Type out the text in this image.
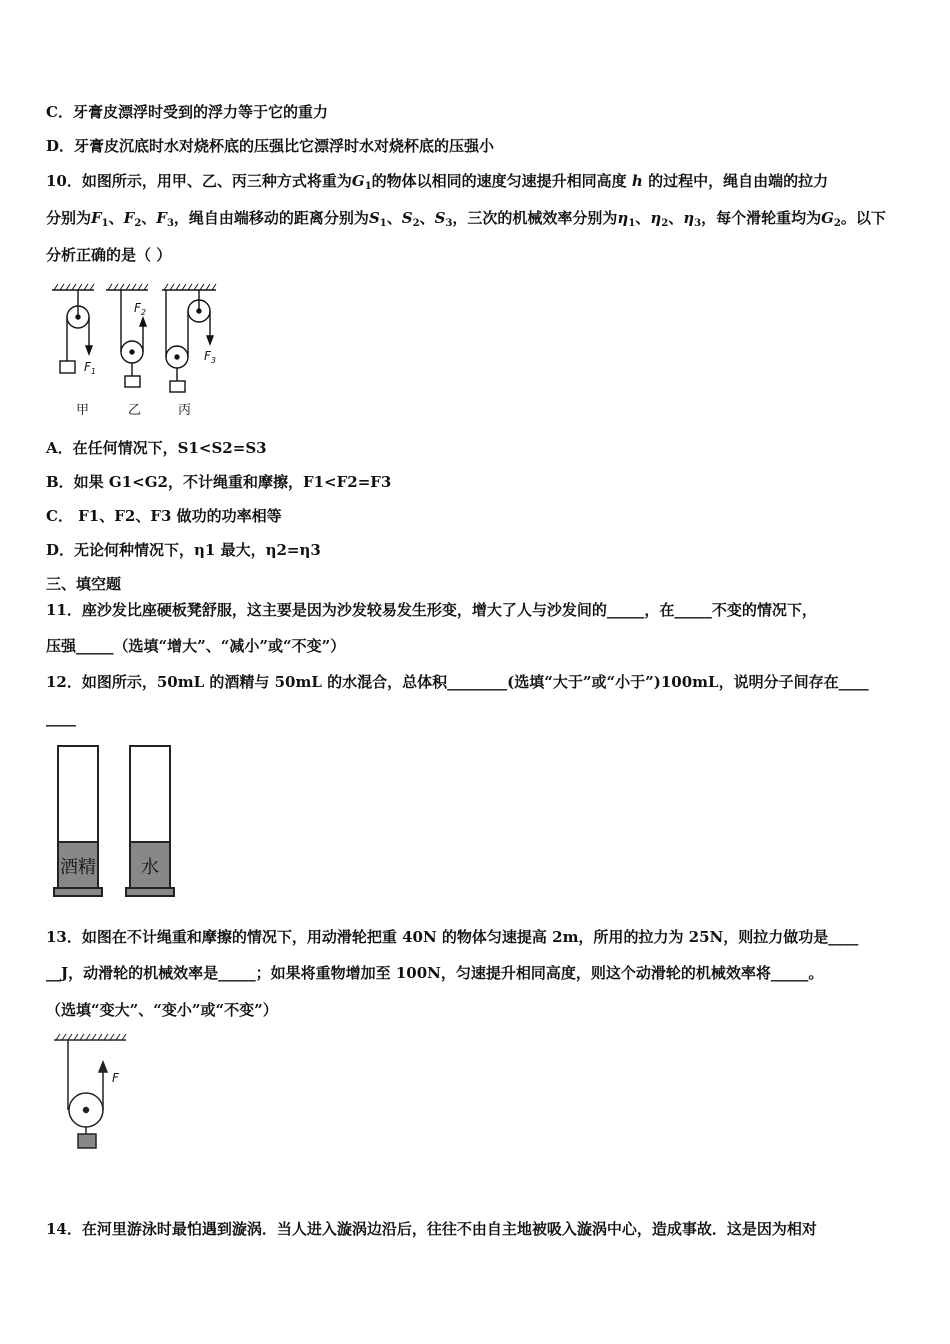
C．牙膏皮漂浮时受到的浮力等于它的重力
D．牙膏皮沉底时水对烧杯底的压强比它漂浮时水对烧杯底的压强小
10．如图所示，用甲、乙、丙三种方式将重为$G_1$的物体以相同的速度匀速提升相同高度 h 的过程中，绳自由端的拉力
分别为$F_1$、$F_2$、$F_3$，绳自由端移动的距离分别为$S_1$、$S_2$、$S_3$，三次的机械效率分别为$\eta_1$、$\eta_2$、$\eta_3$，每个滑轮重均为$G_2$。以下
分析正确的是（ ）
$F_1$
$F_2$
$F_3$
甲	乙	丙
A．在任何情况下，S1<S2=S3
B．如果 G1<G2，不计绳重和摩擦，F1<F2=F3
C． F1、F2、F3 做功的功率相等
D．无论何种情况下，η1 最大，η2=η3
三、填空题
11．座沙发比座硬板凳舒服，这主要是因为沙发较易发生形变，增大了人与沙发间的_____，在_____不变的情况下，
压强_____（选填“增大”、“减小”或“不变”）
12．如图所示，50mL 的酒精与 50mL 的水混合，总体积________(选填“大于”或“小于”)100mL，说明分子间存在____
____
酒精	水
13．如图在不计绳重和摩擦的情况下，用动滑轮把重 40N 的物体匀速提高 2m，所用的拉力为 25N，则拉力做功是____
__J，动滑轮的机械效率是_____；如果将重物增加至 100N，匀速提升相同高度，则这个动滑轮的机械效率将_____。
（选填“变大”、“变小”或“不变”）
F
14．在河里游泳时最怕遇到漩涡．当人进入漩涡边沿后，往往不由自主地被吸入漩涡中心，造成事故．这是因为相对
